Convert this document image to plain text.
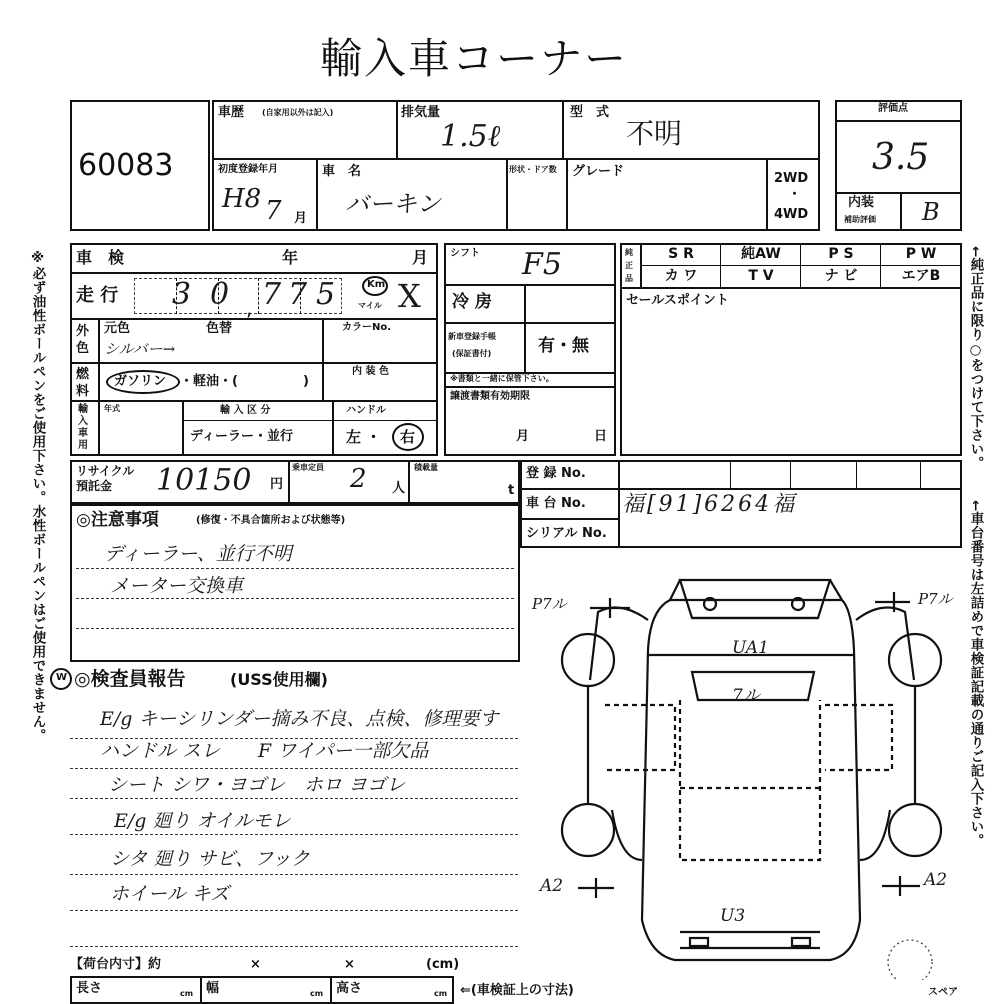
輸入車コーナー
※必ず油性ボールペンをご使用下さい。水性ボールペンはご使用できません。	←純正品に限り○をつけて下さい。
←車台番号は左詰めで車検証記載の通りご記入下さい。
60083
車歴 (自家用以外は記入)	排気量
1.5ℓ
型　式
不明
初度登録年月
H8 7 月
車　名
バーキン
形状・ドア数 グレード	2WD
・
4WD
評価点
3.5
内装
補助評価 B
車　検	年	月
走 行 3 0 , 7 7 5	Km
マイル X
外
色
元色	色替	カラーNo.
シルバー→
燃
料
ガソリン ・軽油・(　　　　　)
内 装 色
輸
入
車
用
年式	輸 入 区 分
ディーラー・並行
ハンドル
左 ・ 右
シフト F5
冷 房
新車登録手帳
(保証書付)	有・無
※書類と一緒に保管下さい。
譲渡書類有効期限
月	日
純
正
品
S R	純AW	P S	P W
カ ワ	T V	ナ ビ	エアB
セールスポイント
リサイクル
預託金 10150 円
乗車定員 2 人
積載量
t
登 録 No.
車 台 No. 福[91]6264福
シリアル No.
◎注意事項	(修復・不具合箇所および状態等)
ディーラー、並行不明
メーター交換車
W ◎検査員報告	(USS使用欄)
E/g キーシリンダー摘み不良、点検、修理要す
ハンドル スレ　　F ワイパー一部欠品
シート シワ・ヨゴレ　ホロ ヨゴレ
E/g 廻り オイルモレ
シタ 廻り サビ、フック
ホイール キズ
【荷台内寸】約	×	×	(cm)
長さ	cm 幅	cm 高さ	cm ⇐(車検証上の寸法)
P7ル	P7ル
UA1
7ル
A2	A2
U3
スペア
